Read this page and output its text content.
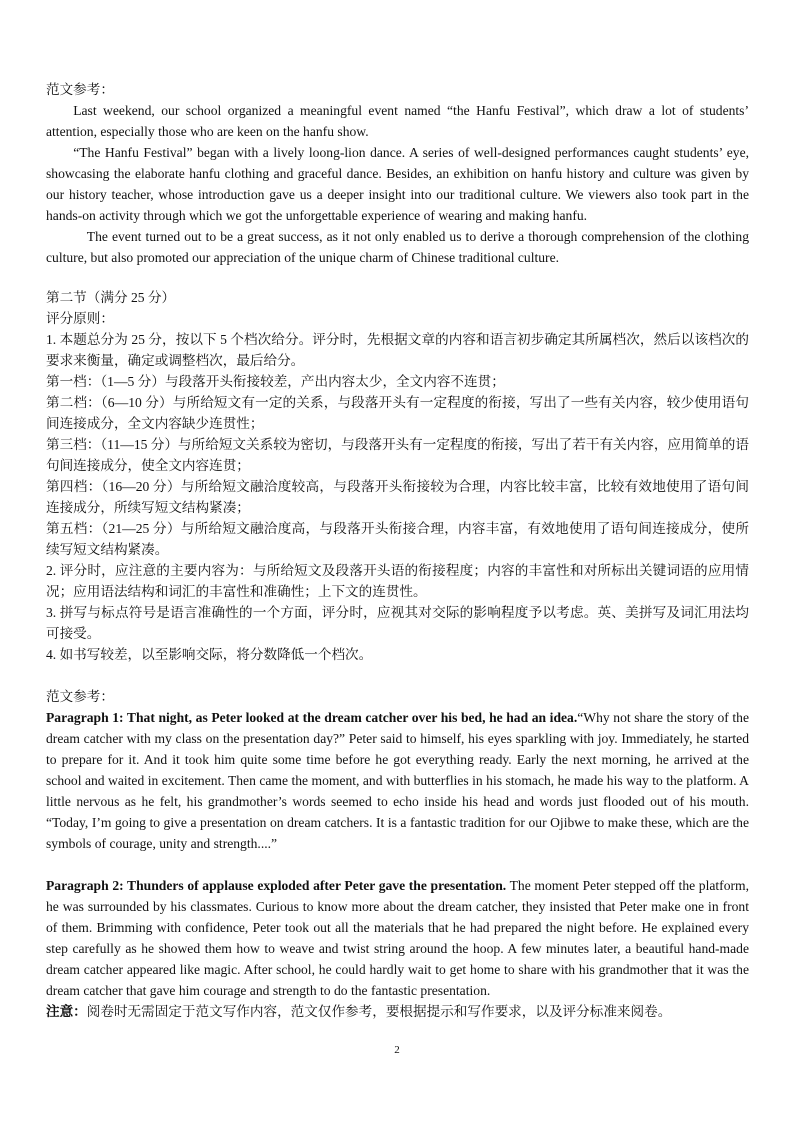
范文参考：

Last weekend, our school organized a meaningful event named “the Hanfu Festival”, which draw a lot of students’ attention, especially those who are keen on the hanfu show.

“The Hanfu Festival” began with a lively loong-lion dance. A series of well-designed performances caught students’ eye, showcasing the elaborate hanfu clothing and graceful dance. Besides, an exhibition on hanfu history and culture was given by our history teacher, whose introduction gave us a deeper insight into our traditional culture. We viewers also took part in the hands-on activity through which we got the unforgettable experience of wearing and making hanfu.

The event turned out to be a great success, as it not only enabled us to derive a thorough comprehension of the clothing culture, but also promoted our appreciation of the unique charm of Chinese traditional culture.

第二节（满分 25 分）

评分原则：

1. 本题总分为 25 分，按以下 5 个档次给分。评分时，先根据文章的内容和语言初步确定其所属档次，然后以该档次的要求来衡量，确定或调整档次，最后给分。

第一档：（1—5 分）与段落开头衔接较差，产出内容太少，全文内容不连贯；

第二档：（6—10 分）与所给短文有一定的关系，与段落开头有一定程度的衔接，写出了一些有关内容，较少使用语句间连接成分，全文内容缺少连贯性；

第三档：（11—15 分）与所给短文关系较为密切，与段落开头有一定程度的衔接，写出了若干有关内容，应用简单的语句间连接成分，使全文内容连贯；

第四档：（16—20 分）与所给短文融洽度较高，与段落开头衔接较为合理，内容比较丰富，比较有效地使用了语句间连接成分，所续写短文结构紧凑；

第五档：（21—25 分）与所给短文融洽度高，与段落开头衔接合理，内容丰富，有效地使用了语句间连接成分，使所续写短文结构紧凑。

2. 评分时，应注意的主要内容为：与所给短文及段落开头语的衔接程度；内容的丰富性和对所标出关键词语的应用情况；应用语法结构和词汇的丰富性和准确性；上下文的连贯性。

3. 拼写与标点符号是语言准确性的一个方面，评分时，应视其对交际的影响程度予以考虑。英、美拼写及词汇用法均可接受。

4. 如书写较差，以至影响交际，将分数降低一个档次。

范文参考：

Paragraph 1: That night, as Peter looked at the dream catcher over his bed, he had an idea.“Why not share the story of the dream catcher with my class on the presentation day?” Peter said to himself, his eyes sparkling with joy. Immediately, he started to prepare for it. And it took him quite some time before he got everything ready. Early the next morning, he arrived at the school and waited in excitement. Then came the moment, and with butterflies in his stomach, he made his way to the platform. A little nervous as he felt, his grandmother’s words seemed to echo inside his head and words just flooded out of his mouth. “Today, I’m going to give a presentation on dream catchers. It is a fantastic tradition for our Ojibwe to make these, which are the symbols of courage, unity and strength....”

Paragraph 2: Thunders of applause exploded after Peter gave the presentation. The moment Peter stepped off the platform, he was surrounded by his classmates. Curious to know more about the dream catcher, they insisted that Peter make one in front of them. Brimming with confidence, Peter took out all the materials that he had prepared the night before. He explained every step carefully as he showed them how to weave and twist string around the hoop. A few minutes later, a beautiful hand-made dream catcher appeared like magic. After school, he could hardly wait to get home to share with his grandmother that it was the dream catcher that gave him courage and strength to do the fantastic presentation.

注意：阅卷时无需固定于范文写作内容，范文仅作参考，要根据提示和写作要求，以及评分标准来阅卷。

2
